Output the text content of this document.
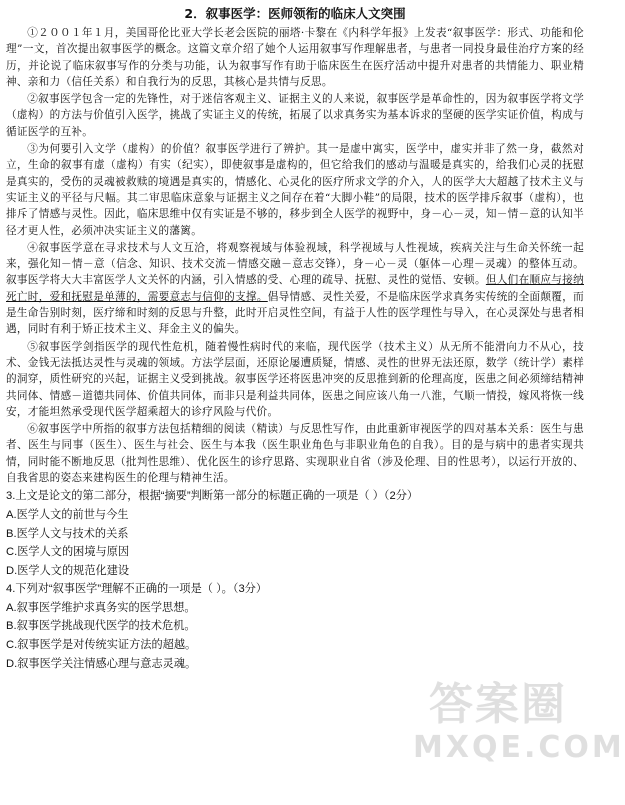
2．叙事医学：医师领衔的临床人文突围

①２００１年１月，美国哥伦比亚大学长老会医院的丽塔·卡黎在《内科学年报》上发表“叙事医学：形式、功能和伦理”一文，首次提出叙事医学的概念。这篇文章介绍了她个人运用叙事写作理解患者，与患者一同投身最佳治疗方案的经历，并论说了临床叙事写作的分类与功能，认为叙事写作有助于临床医生在医疗活动中提升对患者的共情能力、职业精神、亲和力（信任关系）和自我行为的反思，其核心是共情与反思。

②叙事医学包含一定的先锋性，对于迷信客观主义、证据主义的人来说，叙事医学是革命性的，因为叙事医学将文学（虚构）的方法与价值引入医学，挑战了实证主义的传统，拓展了以求真务实为基本诉求的坚硬的医学实证价值，构成与循证医学的互补。

③为何要引入文学（虚构）的价值？叙事医学进行了辨护。其一是虚中寓实，医学中，虚实并非了然一身，截然对立，生命的叙事有虚（虚构）有实（纪实），即使叙事是虚构的，但它给我们的感动与温暖是真实的，给我们心灵的抚慰是真实的，受伤的灵魂被救赎的境遇是真实的，情感化、心灵化的医疗所求文学的介入，人的医学大大超越了技术主义与实证主义的平径与尺幅。其二审思临床意象与证据主义之间存在着“大脚小鞋”的局限，技术的医学排斥叙事（虚构），也排斥了情感与灵性。因此，临床思维中仅有实证是不够的，移步到全人医学的视野中，身－心－灵，知－情－意的认知半径才更人性，必须冲决实证主义的藩篱。

④叙事医学意在寻求技术与人文互洽，将观察视域与体验视域，科学视域与人性视域，疾病关注与生命关怀统一起来，强化知－情－意（信念、知识、技术交流－情感交融－意志交锋），身－心－灵（躯体－心理－灵魂）的整体互动。叙事医学将大大丰富医学人文关怀的内涵，引入情感的受、心理的疏导、抚慰、灵性的觉悟、安顿。但人们在顺应与接纳死亡时，爱和抚慰是单薄的，需要意志与信仰的支撑。倡导情感、灵性关爱，不是临床医学求真务实传统的全面颠覆，而是生命告别时刻，医疗缔和时刻的反思与升整，此时开启灵性空间，有益于人性的医学理性与导入，在心灵深处与患者相遇，同时有利于矫正技术主义、拜金主义的偏失。

⑤叙事医学剑指医学的现代性危机，随着慢性病时代的来临，现代医学（技术主义）从无所不能滑向力不从心，技术、金钱无法抵达灵性与灵魂的领域。方法学层面，还原论屡遭质疑，情感、灵性的世界无法还原，数学（统计学）素样的洞穿，质性研究的兴起，证据主义受到挑战。叙事医学还将医患冲突的反思推到新的伦理高度，医患之间必须缔结精神共同体、情感－道德共同体、价值共同体，而非只是利益共同体，医患之间应该八角一八淮，气顺一情投，嫁风将恢一线安，才能坦然承受现代医学超乘超大的诊疗风险与代价。

⑥叙事医学中所指的叙事方法包括精细的阅读（精读）与反思性写作，由此重新审视医学的四对基本关系：医生与患者、医生与同事（医生）、医生与社会、医生与本我（医生职业角色与非职业角色的自我）。目的是与病中的患者实现共情，同时能不断地反思（批判性思维）、优化医生的诊疗思路、实现职业自省（涉及伦理、目的性思考），以运行开放的、自我省思的姿态来建构医生的伦理与精神生活。

3.上文是论文的第二部分，根据“摘要”判断第一部分的标题正确的一项是（ ）（2分）

A.医学人文的前世与今生

B.医学人文与技术的关系

C.医学人文的困境与原因

D.医学人文的规范化建设

4.下列对“叙事医学”理解不正确的一项是（ ）。（3分）

A.叙事医学维护求真务实的医学思想。

B.叙事医学挑战现代医学的技术危机。

C.叙事医学是对传统实证方法的超越。

D.叙事医学关注情感心理与意志灵魂。

答案圈
MXQE.COM
